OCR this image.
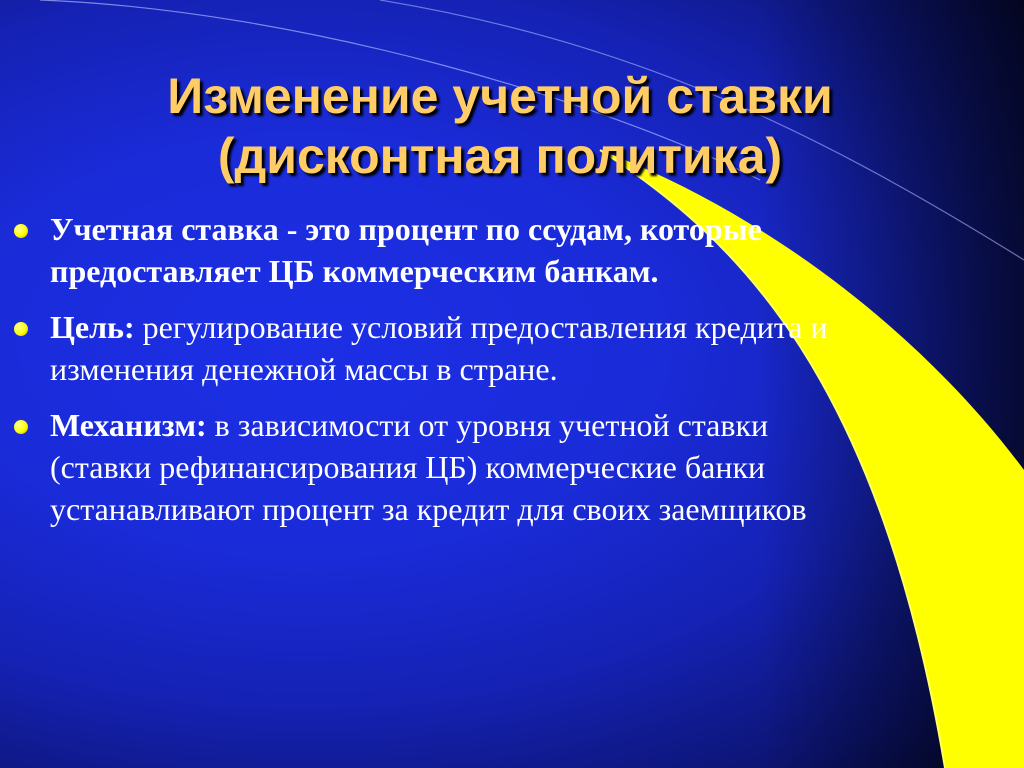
Изменение учетной ставки
(дисконтная политика)
Учетная ставка - это процент по ссудам, которые предоставляет ЦБ коммерческим банкам.
Цель: регулирование условий предоставления кредита и изменения денежной массы в стране.
Механизм: в зависимости от уровня учетной ставки (ставки рефинансирования ЦБ) коммерческие банки устанавливают процент за кредит для своих заемщиков
